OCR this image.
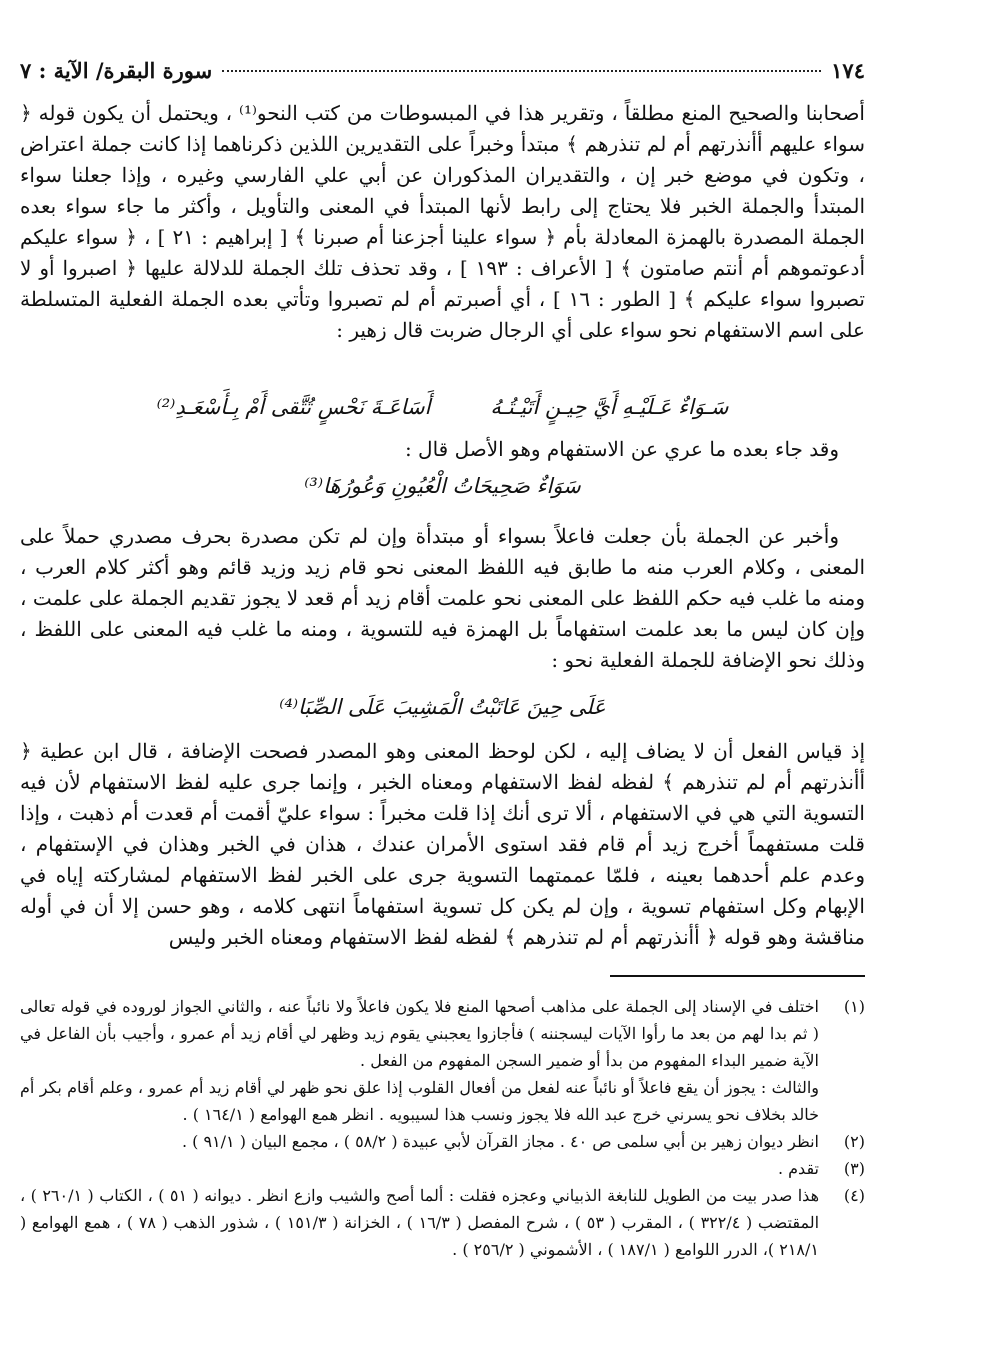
١٧٤
سورة البقرة/ الآية : ٧

أصحابنا والصحيح المنع مطلقاً ، وتقرير هذا في المبسوطات من كتب النحو⁽¹⁾ ، ويحتمل أن يكون قوله ﴿ سواء عليهم أأنذرتهم أم لم تنذرهم ﴾ مبتدأ وخبراً على التقديرين اللذين ذكرناهما إذا كانت جملة اعتراض ، وتكون في موضع خبر إن ، والتقديران المذكوران عن أبي علي الفارسي وغيره ، وإذا جعلنا سواء المبتدأ والجملة الخبر فلا يحتاج إلى رابط لأنها المبتدأ في المعنى والتأويل ، وأكثر ما جاء سواء بعده الجملة المصدرة بالهمزة المعادلة بأم ﴿ سواء علينا أجزعنا أم صبرنا ﴾ [ إبراهيم : ٢١ ] ، ﴿ سواء عليكم أدعوتموهم أم أنتم صامتون ﴾ [ الأعراف : ١٩٣ ] ، وقد تحذف تلك الجملة للدلالة عليها ﴿ اصبروا أو لا تصبروا سواء عليكم ﴾ [ الطور : ١٦ ] ، أي أصبرتم أم لم تصبروا وتأتي بعده الجملة الفعلية المتسلطة على اسم الاستفهام نحو سواء على أي الرجال ضربت قال زهير :

سَـوَاءٌ عَـلَيْـهِ أَيَّ حِيـنٍ أَتَيْـتُـهُ
أَسَاعَـةَ نَحْسٍ تُتَّقى أَمْ بِـأَسْعَـدِ⁽²⁾

وقد جاء بعده ما عري عن الاستفهام وهو الأصل قال :

سَوَاءٌ صَحِيحَاتُ الْعُيُونِ وَعُورُهَا⁽³⁾

وأخبر عن الجملة بأن جعلت فاعلاً بسواء أو مبتدأة وإن لم تكن مصدرة بحرف مصدري حملاً على المعنى ، وكلام العرب منه ما طابق فيه اللفظ المعنى نحو قام زيد وزيد قائم وهو أكثر كلام العرب ، ومنه ما غلب فيه حكم اللفظ على المعنى نحو علمت أقام زيد أم قعد لا يجوز تقديم الجملة على علمت ، وإن كان ليس ما بعد علمت استفهاماً بل الهمزة فيه للتسوية ، ومنه ما غلب فيه المعنى على اللفظ ، وذلك نحو الإضافة للجملة الفعلية نحو :

عَلَى حِينَ عَاتَبْتُ الْمَشِيبَ عَلَى الصِّبَا⁽⁴⁾

إذ قياس الفعل أن لا يضاف إليه ، لكن لوحظ المعنى وهو المصدر فصحت الإضافة ، قال ابن عطية ﴿ أأنذرتهم أم لم تنذرهم ﴾ لفظه لفظ الاستفهام ومعناه الخبر ، وإنما جرى عليه لفظ الاستفهام لأن فيه التسوية التي هي في الاستفهام ، ألا ترى أنك إذا قلت مخبراً : سواء عليّ أقمت أم قعدت أم ذهبت ، وإذا قلت مستفهماً أخرج زيد أم قام فقد استوى الأمران عندك ، هذان في الخبر وهذان في الإستفهام ، وعدم علم أحدهما بعينه ، فلمّا عممتهما التسوية جرى على الخبر لفظ الاستفهام لمشاركته إياه في الإبهام وكل استفهام تسوية ، وإن لم يكن كل تسوية استفهاماً انتهى كلامه ، وهو حسن إلا أن في أوله مناقشة وهو قوله ﴿ أأنذرتهم أم لم تنذرهم ﴾ لفظه لفظ الاستفهام ومعناه الخبر وليس

(١)
اختلف في الإسناد إلى الجملة على مذاهب أصحها المنع فلا يكون فاعلاً ولا نائباً عنه ، والثاني الجواز لوروده في قوله تعالى ( ثم بدا لهم من بعد ما رأوا الآيات ليسجننه ) فأجازوا يعجبني يقوم زيد وظهر لي أقام زيد أم عمرو ، وأجيب بأن الفاعل في الآية ضمير البداء المفهوم من بدأ أو ضمير السجن المفهوم من الفعل .
والثالث : يجوز أن يقع فاعلاً أو نائباً عنه لفعل من أفعال القلوب إذا علق نحو ظهر لي أقام زيد أم عمرو ، وعلم أقام بكر أم خالد بخلاف نحو يسرني خرج عبد الله فلا يجوز ونسب هذا لسيبويه . انظر همع الهوامع ( ١٦٤/١ ) .
(٢)
انظر ديوان زهير بن أبي سلمى ص ٤٠ . مجاز القرآن لأبي عبيدة ( ٥٨/٢ ) ، مجمع البيان ( ٩١/١ ) .
(٣)
تقدم .
(٤)
هذا صدر بيت من الطويل للنابغة الذبياني وعجزه فقلت : ألما أصح والشيب وازع انظر . ديوانه ( ٥١ ) ، الكتاب ( ٢٦٠/١ ) ، المقتضب ( ٣٢٢/٤ ) ، المقرب ( ٥٣ ) ، شرح المفصل ( ١٦/٣ ) ، الخزانة ( ١٥١/٣ ) ، شذور الذهب ( ٧٨ ) ، همع الهوامع ( ٢١٨/١ )، الدرر اللوامع ( ١٨٧/١ ) ، الأشموني ( ٢٥٦/٢ ) .
